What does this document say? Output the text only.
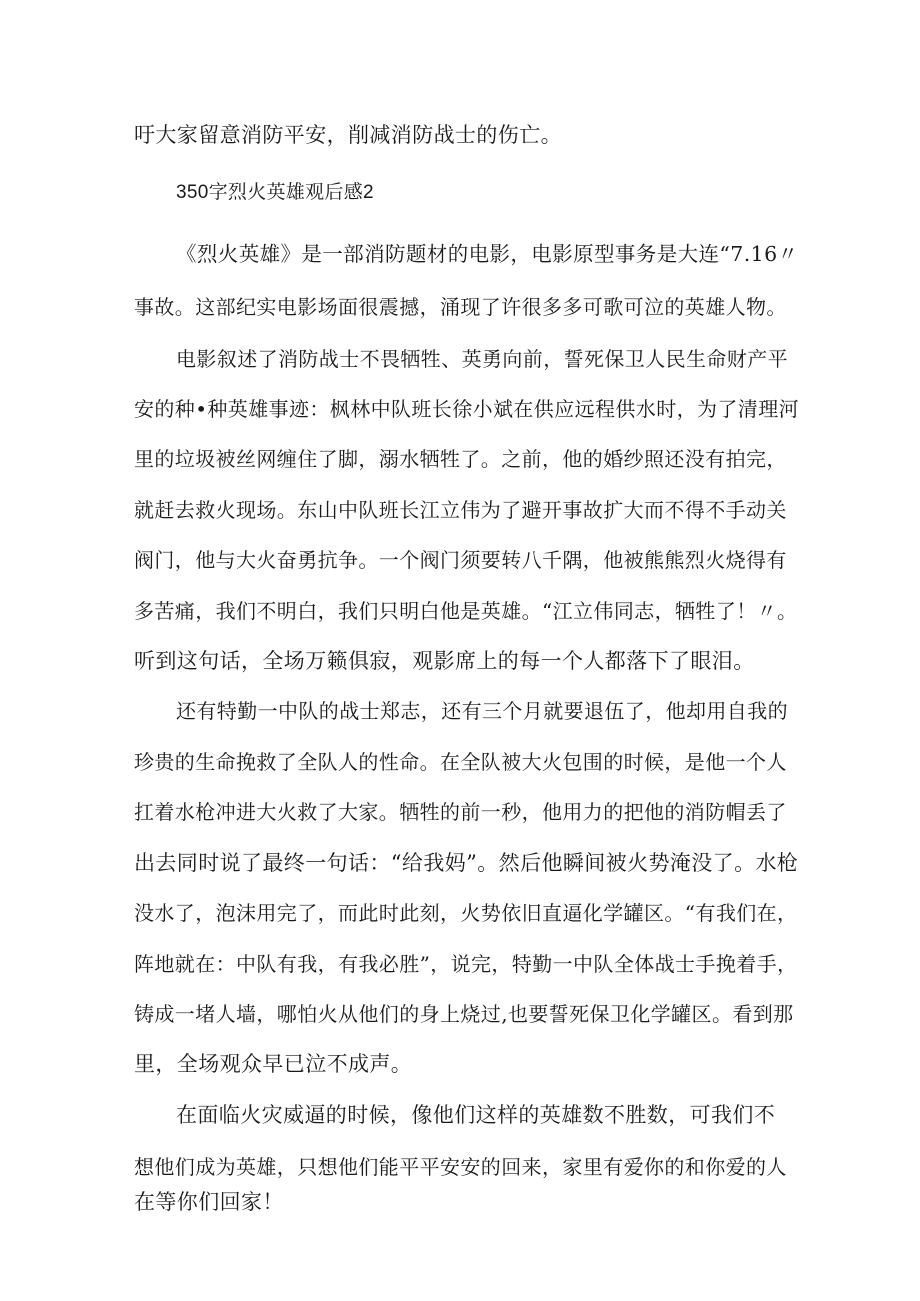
吁大家留意消防平安，削减消防战士的伤亡。
350字烈火英雄观后感2
《烈火英雄》是一部消防题材的电影，电影原型事务是大连“7.16〃
事故。这部纪实电影场面很震撼，涌现了许很多多可歌可泣的英雄人物。
电影叙述了消防战士不畏牺牲、英勇向前，誓死保卫人民生命财产平
安的种•种英雄事迹：枫林中队班长徐小斌在供应远程供水时，为了清理河
里的垃圾被丝网缠住了脚，溺水牺牲了。之前，他的婚纱照还没有拍完，
就赶去救火现场。东山中队班长江立伟为了避开事故扩大而不得不手动关
阀门，他与大火奋勇抗争。一个阀门须要转八千隅，他被熊熊烈火烧得有
多苦痛，我们不明白，我们只明白他是英雄。“江立伟同志，牺牲了！〃。
听到这句话，全场万籁俱寂，观影席上的每一个人都落下了眼泪。
还有特勤一中队的战士郑志，还有三个月就要退伍了，他却用自我的
珍贵的生命挽救了全队人的性命。在全队被大火包围的时候，是他一个人
扛着水枪冲进大火救了大家。牺牲的前一秒，他用力的把他的消防帽丢了
出去同时说了最终一句话：“给我妈”。然后他瞬间被火势淹没了。水枪
没水了，泡沫用完了，而此时此刻，火势依旧直逼化学罐区。“有我们在，
阵地就在：中队有我，有我必胜”，说完，特勤一中队全体战士手挽着手，
铸成一堵人墙，哪怕火从他们的身上烧过,也要誓死保卫化学罐区。看到那
里，全场观众早已泣不成声。
在面临火灾威逼的时候，像他们这样的英雄数不胜数，可我们不
想他们成为英雄，只想他们能平平安安的回来，家里有爱你的和你爱的人
在等你们回家！
